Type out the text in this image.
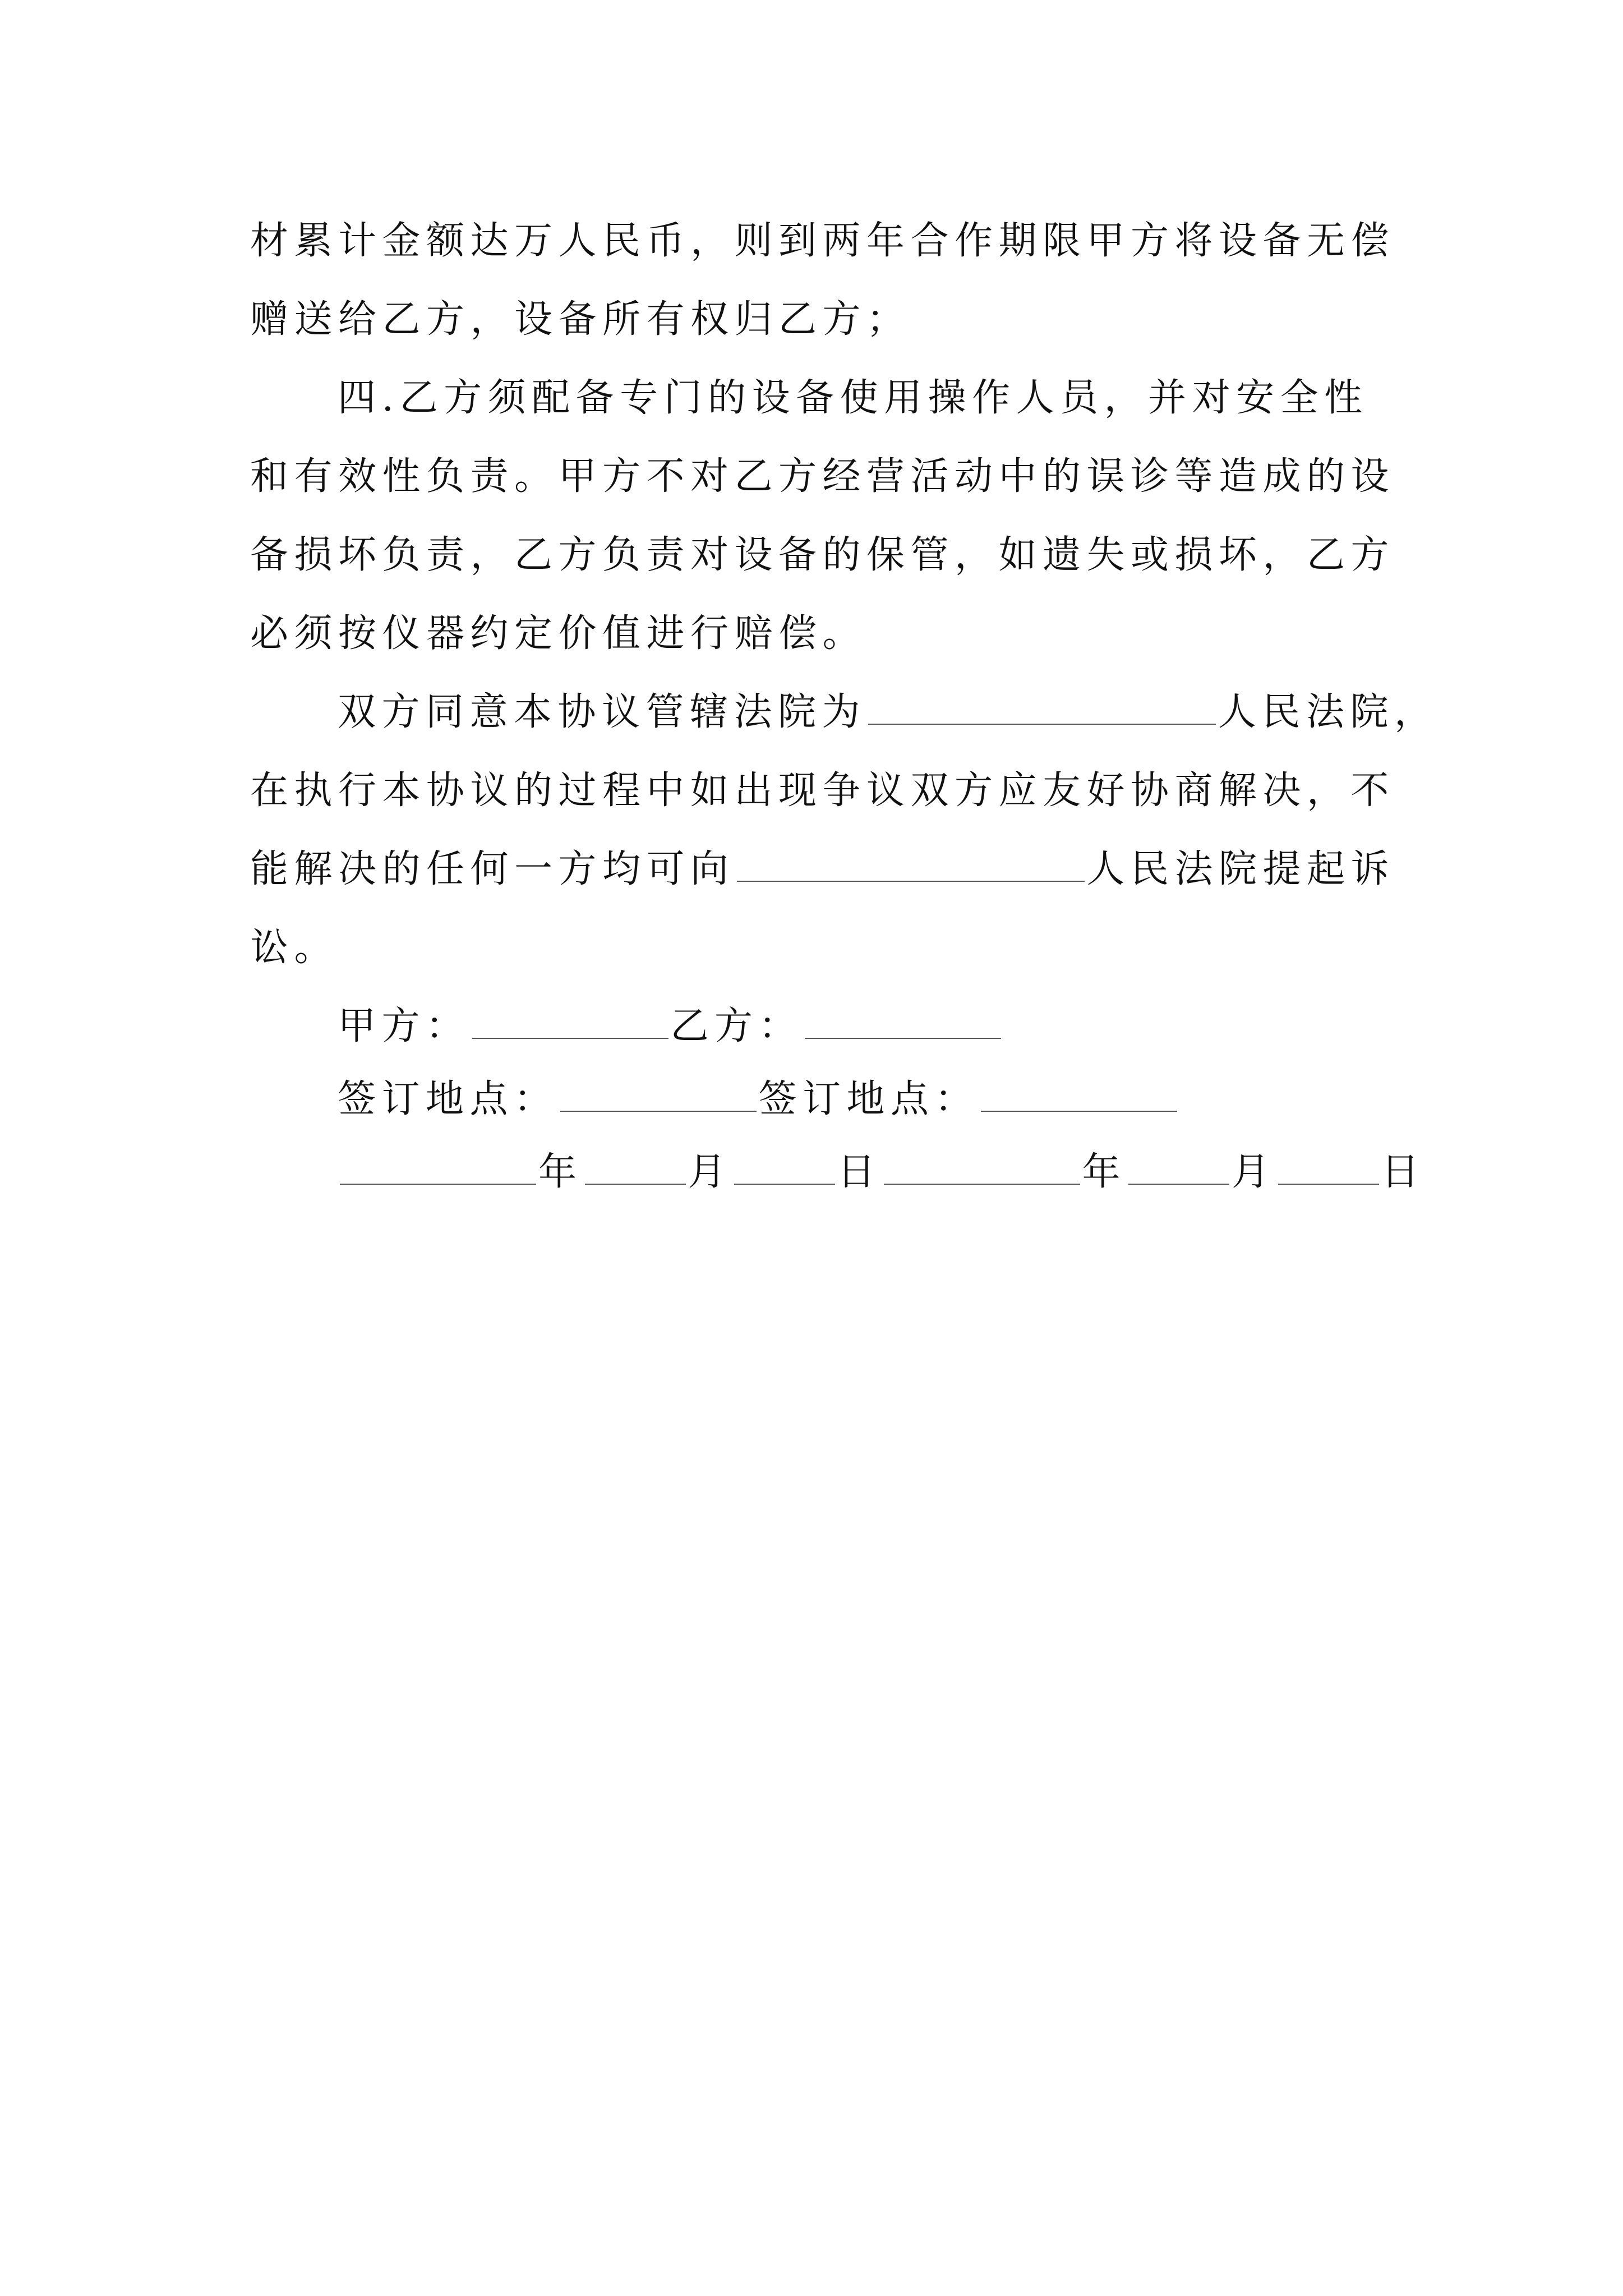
材累计金额达万人民币，则到两年合作期限甲方将设备无偿
赠送给乙方，设备所有权归乙方；
四.乙方须配备专门的设备使用操作人员，并对安全性
和有效性负责。甲方不对乙方经营活动中的误诊等造成的设
备损坏负责，乙方负责对设备的保管，如遗失或损坏，乙方
必须按仪器约定价值进行赔偿。
双方同意本协议管辖法院为	人民法院，
在执行本协议的过程中如出现争议双方应友好协商解决，不
能解决的任何一方均可向	人民法院提起诉
讼。
甲方：	乙方：
签订地点：	签订地点：
年	月	日	年	月	日
